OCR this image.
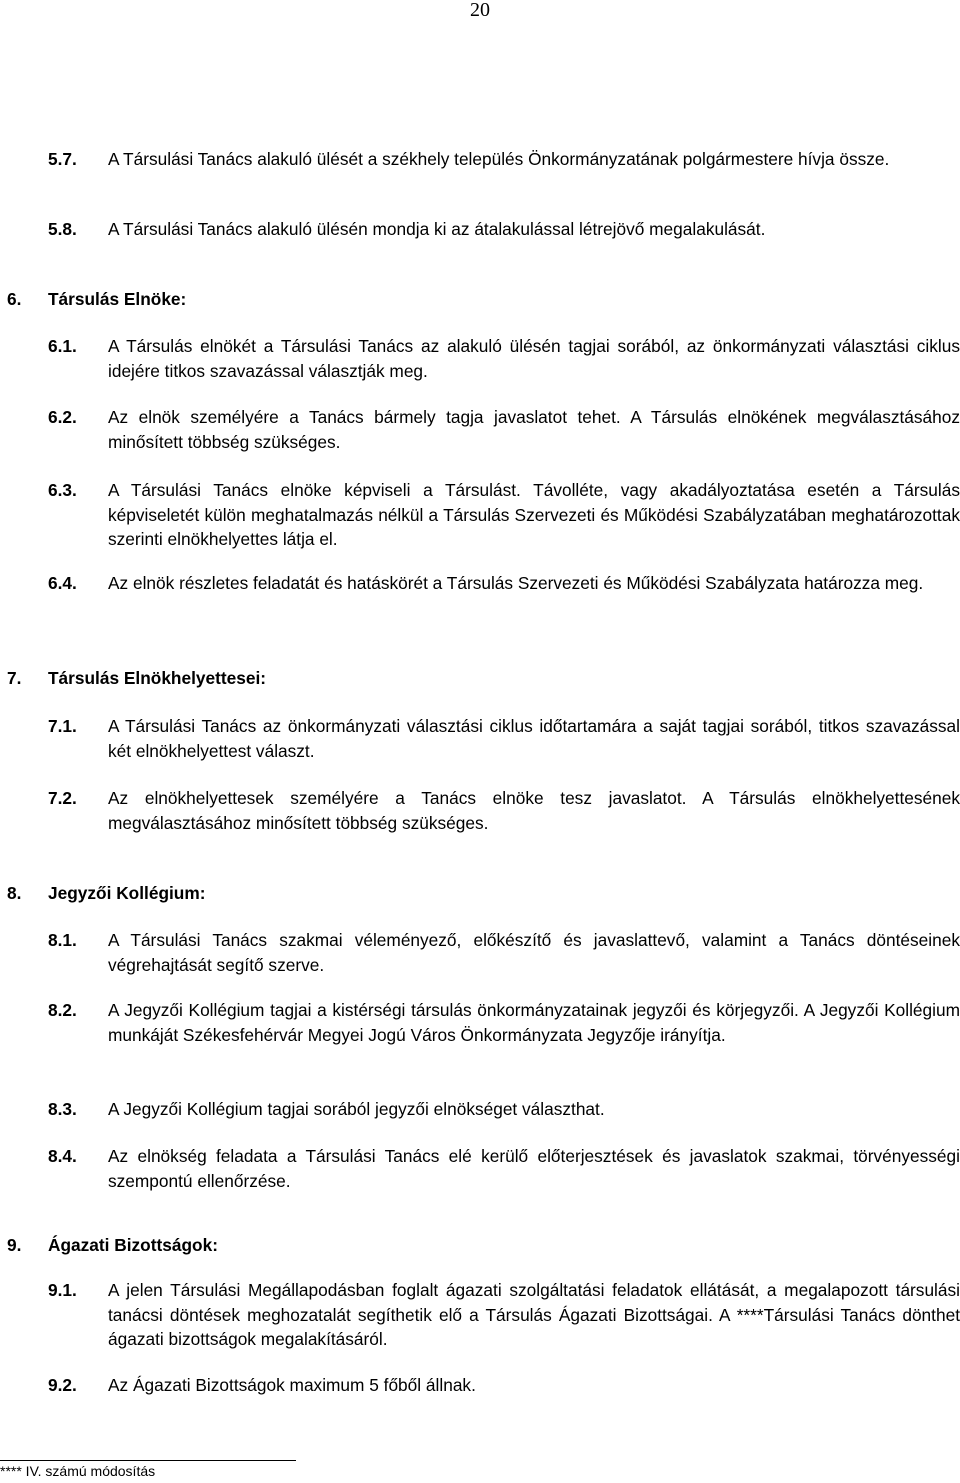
20
5.7. A Társulási Tanács alakuló ülését a székhely település Önkormányzatának polgármestere hívja össze.
5.8. A Társulási Tanács alakuló ülésén mondja ki az átalakulással létrejövő megalakulását.
6. Társulás Elnöke:
6.1. A Társulás elnökét a Társulási Tanács az alakuló ülésén tagjai sorából, az önkormányzati választási ciklus idejére titkos szavazással választják meg.
6.2. Az elnök személyére a Tanács bármely tagja javaslatot tehet. A Társulás elnökének megválasztásához minősített többség szükséges.
6.3. A Társulási Tanács elnöke képviseli a Társulást. Távolléte, vagy akadályoztatása esetén a Társulás képviseletét külön meghatalmazás nélkül a Társulás Szervezeti és Működési Szabályzatában meghatározottak szerinti elnökhelyettes látja el.
6.4. Az elnök részletes feladatát és hatáskörét a Társulás Szervezeti és Működési Szabályzata határozza meg.
7. Társulás Elnökhelyettesei:
7.1. A Társulási Tanács az önkormányzati választási ciklus időtartamára a saját tagjai sorából, titkos szavazással két elnökhelyettest választ.
7.2. Az elnökhelyettesek személyére a Tanács elnöke tesz javaslatot. A Társulás elnökhelyettesének megválasztásához minősített többség szükséges.
8. Jegyzői Kollégium:
8.1. A Társulási Tanács szakmai véleményező, előkészítő és javaslattevő, valamint a Tanács döntéseinek végrehajtását segítő szerve.
8.2. A Jegyzői Kollégium tagjai a kistérségi társulás önkormányzatainak jegyzői és körjegyzői. A Jegyzői Kollégium munkáját Székesfehérvár Megyei Jogú Város Önkormányzata Jegyzője irányítja.
8.3. A Jegyzői Kollégium tagjai sorából jegyzői elnökséget választhat.
8.4. Az elnökség feladata a Társulási Tanács elé kerülő előterjesztések és javaslatok szakmai, törvényességi szempontú ellenőrzése.
9. Ágazati Bizottságok:
9.1. A jelen Társulási Megállapodásban foglalt ágazati szolgáltatási feladatok ellátását, a megalapozott társulási tanácsi döntések meghozatalát segíthetik elő a Társulás Ágazati Bizottságai. A ****Társulási Tanács dönthet ágazati bizottságok megalakításáról.
9.2. Az Ágazati Bizottságok maximum 5 főből állnak.
**** IV. számú módosítás
